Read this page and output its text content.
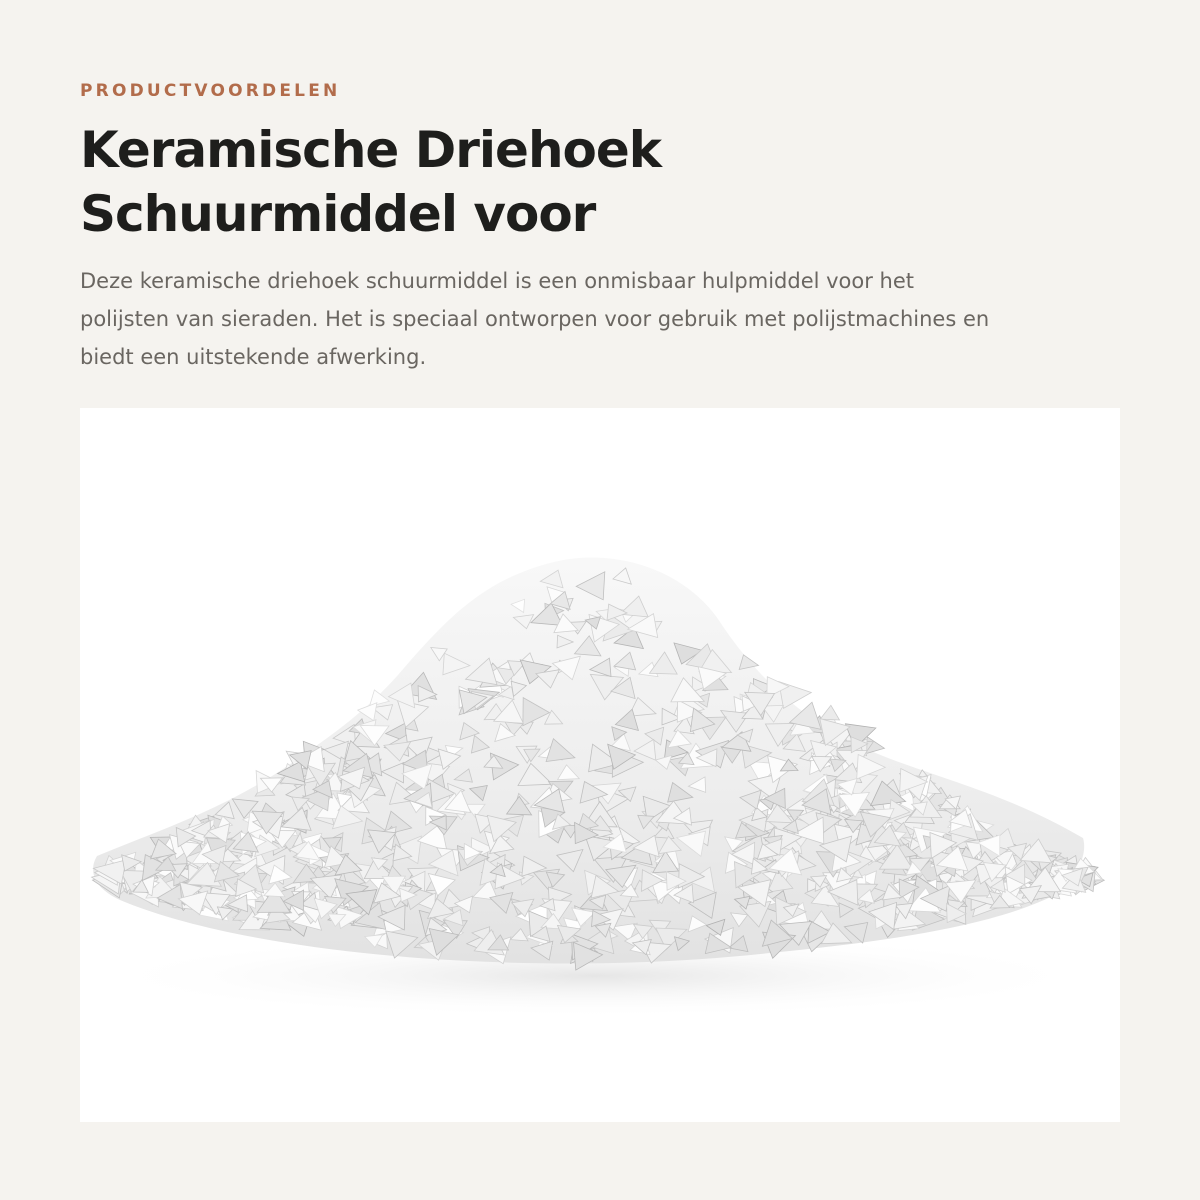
PRODUCTVOORDELEN
Keramische Driehoek
Schuurmiddel voor

Deze keramische driehoek schuurmiddel is een onmisbaar hulpmiddel voor het
polijsten van sieraden. Het is speciaal ontworpen voor gebruik met polijstmachines en
biedt een uitstekende afwerking.
